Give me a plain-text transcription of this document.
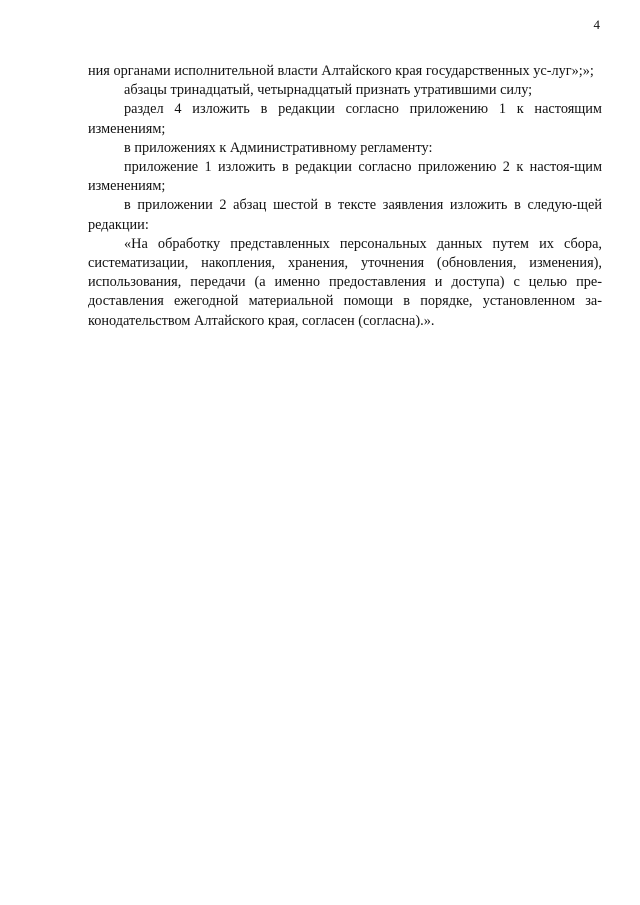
4

ния органами исполнительной власти Алтайского края государственных ус-луг»;»;

абзацы тринадцатый, четырнадцатый признать утратившими силу;

раздел 4 изложить в редакции согласно приложению 1 к настоящим изменениям;

в приложениях к Административному регламенту:

приложение 1 изложить в редакции согласно приложению 2 к настоя-щим изменениям;

в приложении 2 абзац шестой в тексте заявления изложить в следую-щей редакции:

«На обработку представленных персональных данных путем их сбора, систематизации, накопления, хранения, уточнения (обновления, изменения), использования, передачи (а именно предоставления и доступа) с целью пре-доставления ежегодной материальной помощи в порядке, установленном за-конодательством Алтайского края, согласен (согласна).».
